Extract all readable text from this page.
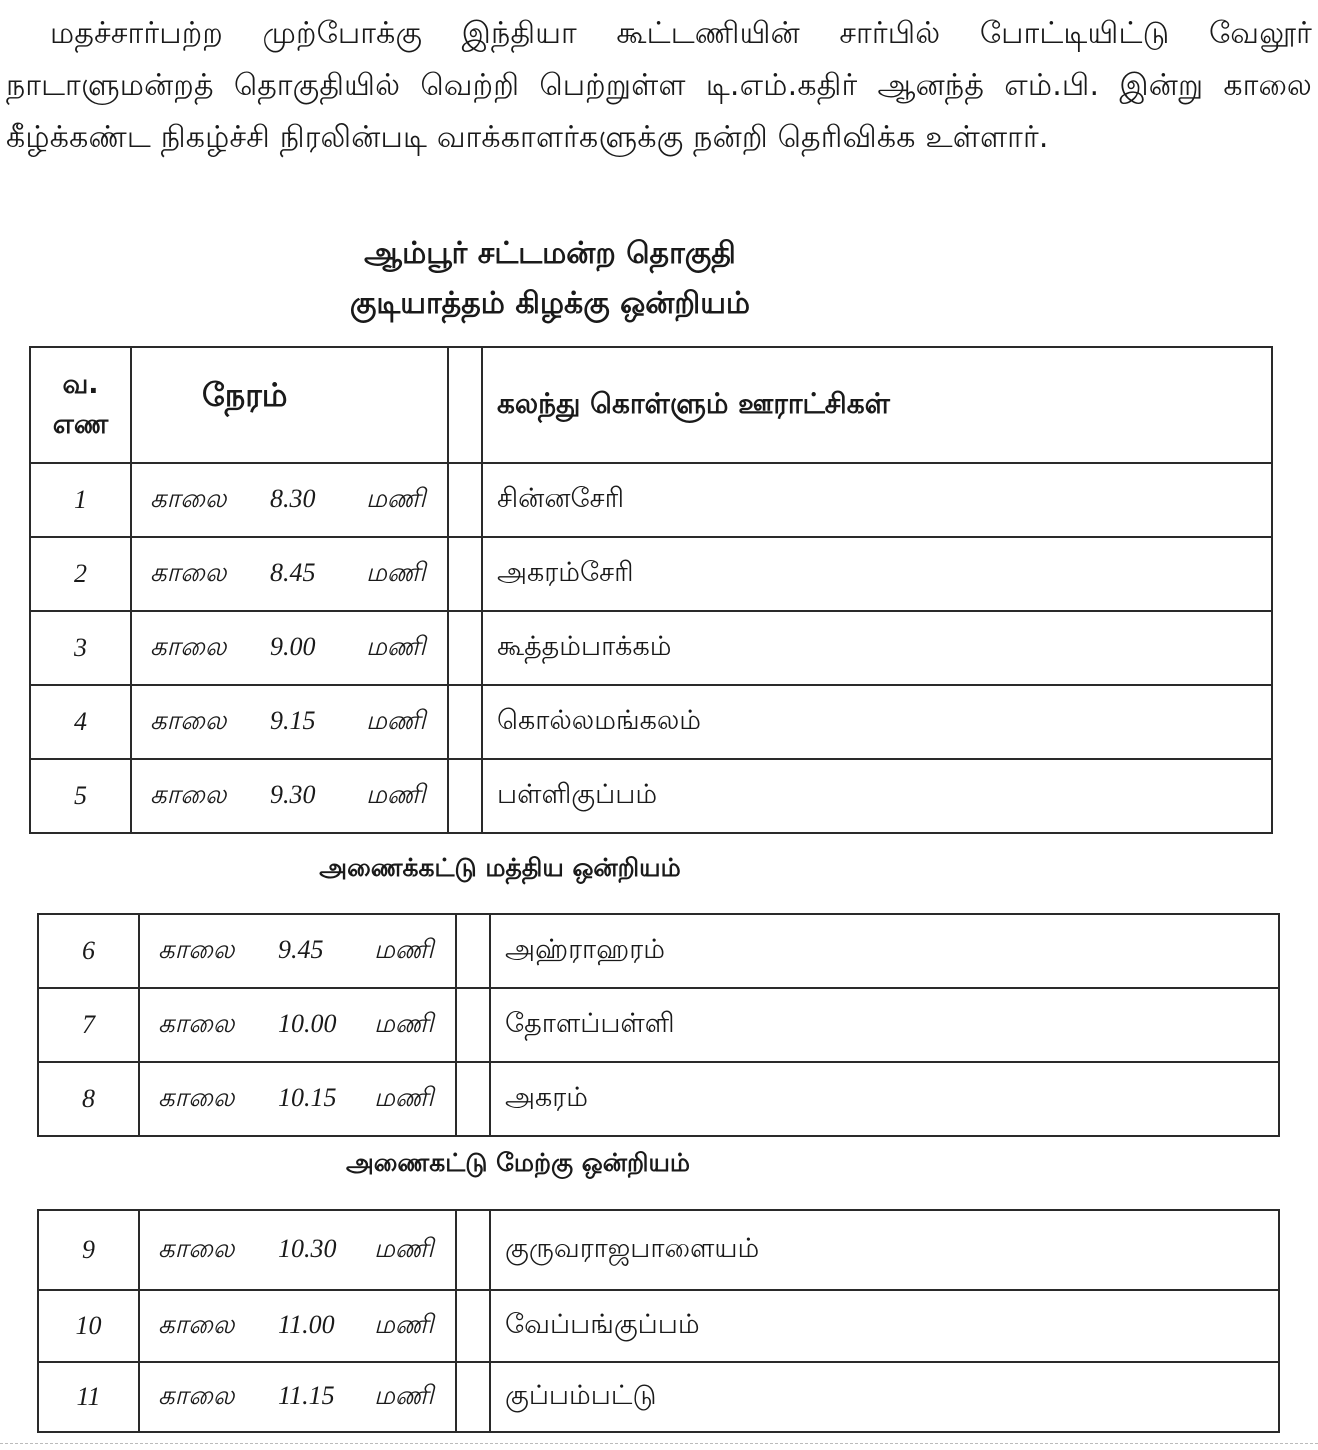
மதச்சார்பற்ற முற்போக்கு இந்தியா கூட்டணியின் சார்பில் போட்டியிட்டு வேலூர் நாடாளுமன்றத் தொகுதியில் வெற்றி பெற்றுள்ள டி.எம்.கதிர் ஆனந்த் எம்.பி. இன்று காலை கீழ்க்கண்ட நிகழ்ச்சி நிரலின்படி வாக்காளர்களுக்கு நன்றி தெரிவிக்க உள்ளார்.

ஆம்பூர் சட்டமன்ற தொகுதி
குடியாத்தம் கிழக்கு ஒன்றியம்
வ.
எண	நேரம்		கலந்து கொள்ளும் ஊராட்சிகள்
1	காலை 8.30 மணி		சின்னசேரி
2	காலை 8.45 மணி		அகரம்சேரி
3	காலை 9.00 மணி		கூத்தம்பாக்கம்
4	காலை 9.15 மணி		கொல்லமங்கலம்
5	காலை 9.30 மணி		பள்ளிகுப்பம்
அணைக்கட்டு மத்திய ஒன்றியம்
6	காலை 9.45 மணி		அஹ்ராஹரம்
7	காலை 10.00 மணி		தோளப்பள்ளி
8	காலை 10.15 மணி		அகரம்
அணைகட்டு மேற்கு ஒன்றியம்
9	காலை 10.30 மணி		குருவராஜபாளையம்
10	காலை 11.00 மணி		வேப்பங்குப்பம்
11	காலை 11.15 மணி		குப்பம்பட்டு
